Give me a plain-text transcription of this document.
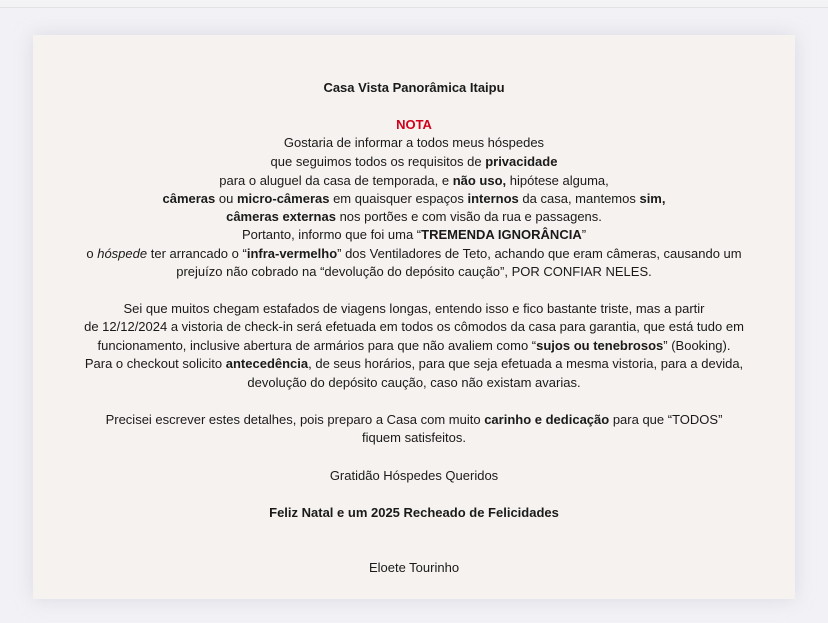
Casa Vista Panorâmica Itaipu
NOTA
Gostaria de informar a todos meus hóspedes
que seguimos todos os requisitos de privacidade
para o aluguel da casa de temporada, e não uso, hipótese alguma,
câmeras ou micro-câmeras em quaisquer espaços internos da casa, mantemos sim,
câmeras externas nos portões e com visão da rua e passagens.
Portanto, informo que foi uma “TREMENDA IGNORÂNCIA”
o hóspede ter arrancado o “infra-vermelho” dos Ventiladores de Teto, achando que eram câmeras, causando um
prejuízo não cobrado na “devolução do depósito caução”, POR CONFIAR NELES.
Sei que muitos chegam estafados de viagens longas, entendo isso e fico bastante triste, mas a partir
de 12/12/2024 a vistoria de check-in será efetuada em todos os cômodos da casa para garantia, que está tudo em
funcionamento, inclusive abertura de armários para que não avaliem como “sujos ou tenebrosos” (Booking).
Para o checkout solicito antecedência, de seus horários, para que seja efetuada a mesma vistoria, para a devida,
devolução do depósito caução, caso não existam avarias.
Precisei escrever estes detalhes, pois preparo a Casa com muito carinho e dedicação para que “TODOS”
fiquem satisfeitos.
Gratidão Hóspedes Queridos
Feliz Natal e um 2025 Recheado de Felicidades
Eloete Tourinho
